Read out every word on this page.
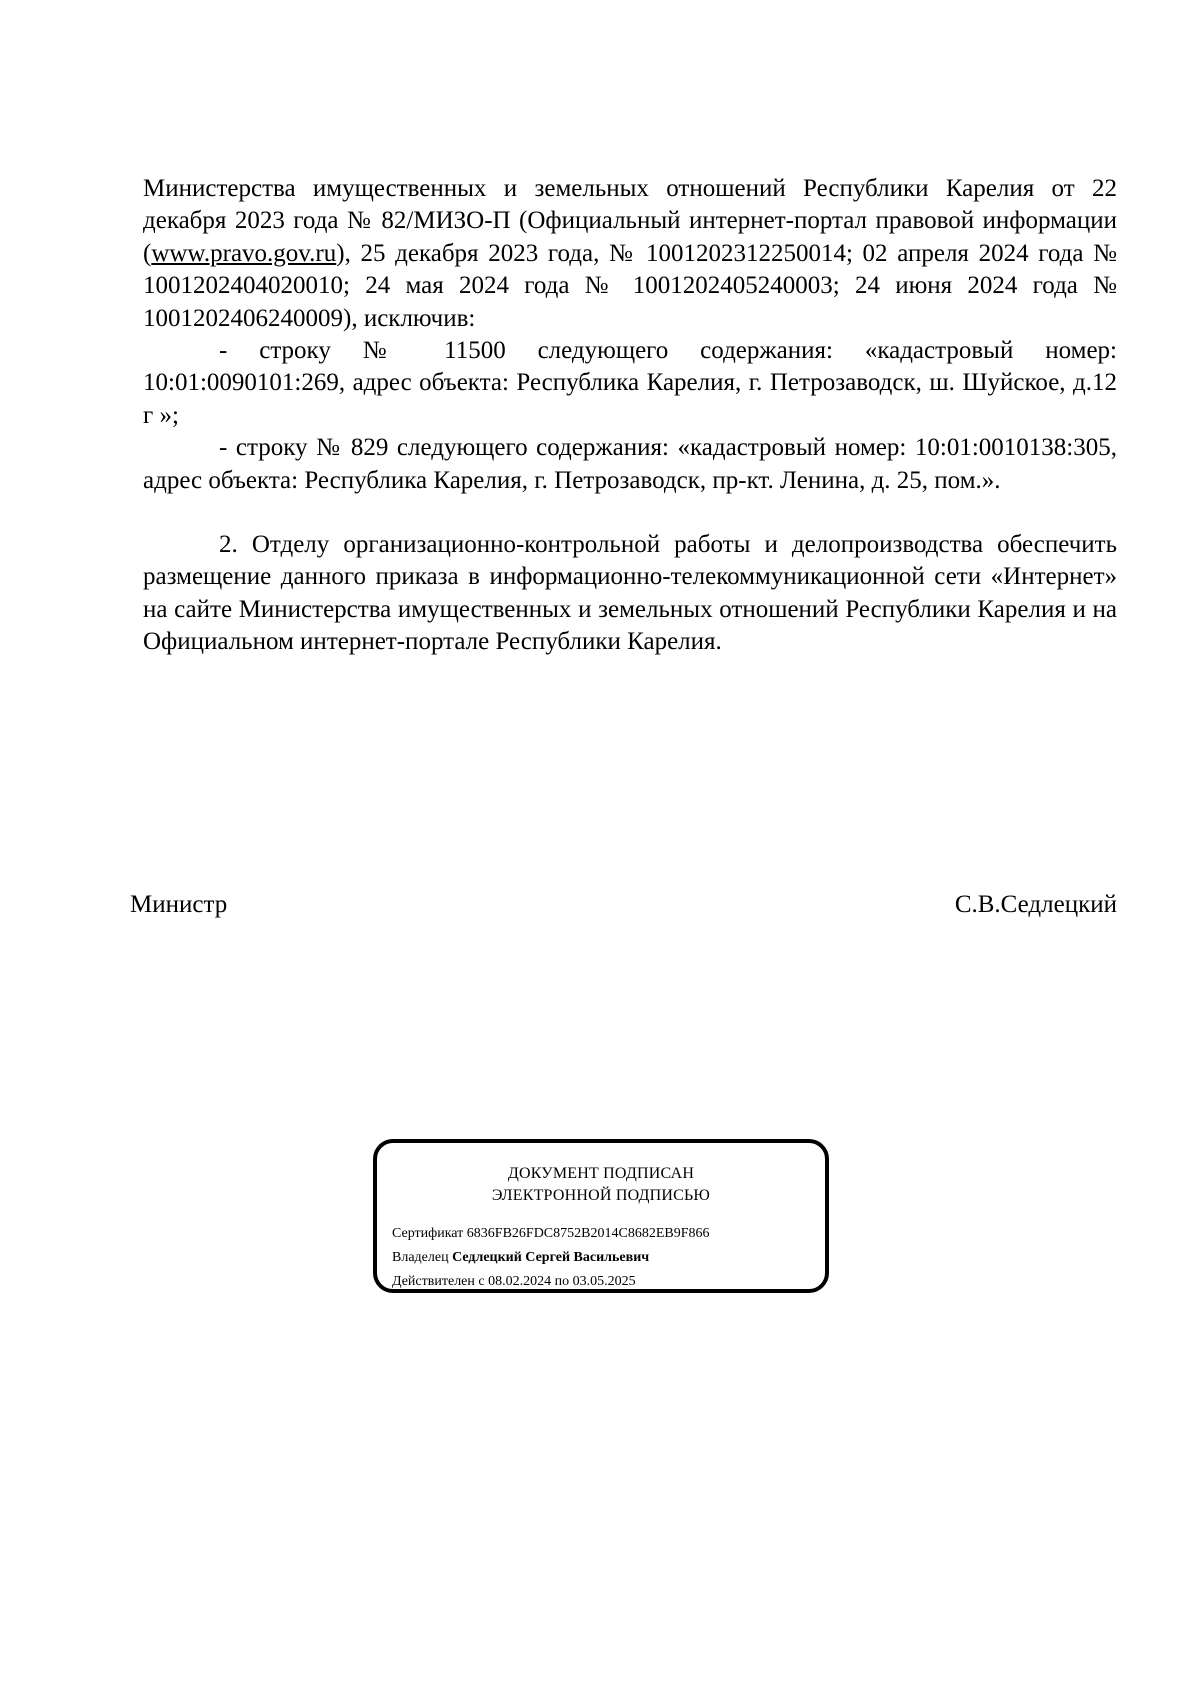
Министерства имущественных и земельных отношений Республики Карелия от 22 декабря 2023 года № 82/МИЗО-П (Официальный интернет-портал правовой информации (www.pravo.gov.ru), 25 декабря 2023 года, № 1001202312250014; 02 апреля 2024 года № 1001202404020010; 24 мая 2024 года № 1001202405240003; 24 июня 2024 года № 1001202406240009), исключив:

- строку № 11500 следующего содержания: «кадастровый номер: 10:01:0090101:269, адрес объекта: Республика Карелия, г. Петрозаводск, ш. Шуйское, д.12 г »;

- строку № 829 следующего содержания: «кадастровый номер: 10:01:0010138:305, адрес объекта: Республика Карелия, г. Петрозаводск, пр-кт. Ленина, д. 25, пом.».

2. Отделу организационно-контрольной работы и делопроизводства обеспечить размещение данного приказа в информационно-телекоммуникационной сети «Интернет» на сайте Министерства имущественных и земельных отношений Республики Карелия и на Официальном интернет-портале Республики Карелия.

Министр	С.В.Седлецкий
ДОКУМЕНТ ПОДПИСАН
ЭЛЕКТРОННОЙ ПОДПИСЬЮ
Сертификат 6836FB26FDC8752B2014C8682EB9F866
Владелец Седлецкий Сергей Васильевич
Действителен с 08.02.2024 по 03.05.2025
